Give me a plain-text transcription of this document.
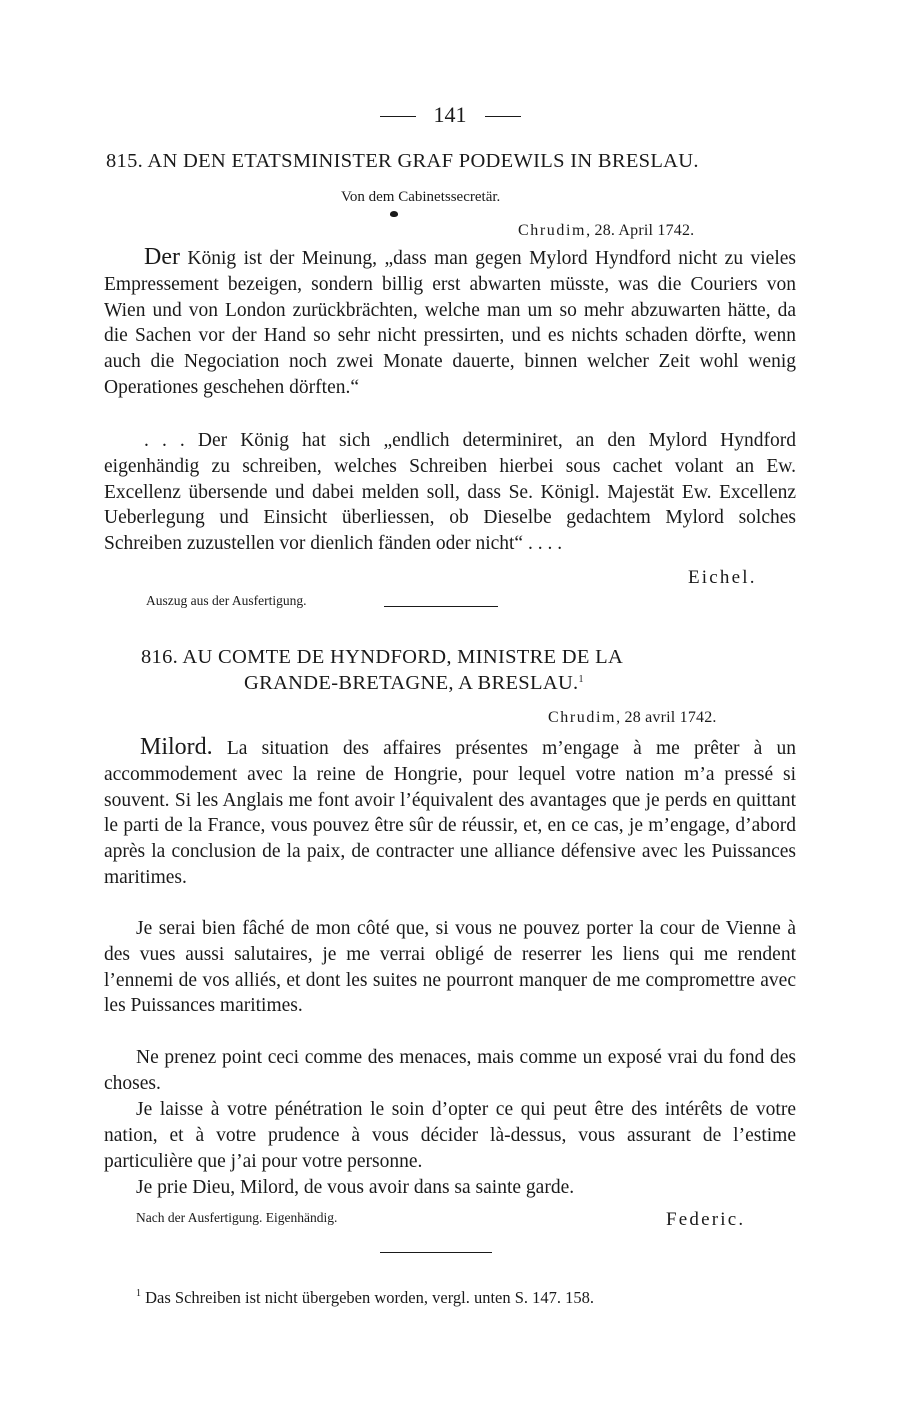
141
815. AN DEN ETATSMINISTER GRAF PODEWILS IN BRESLAU.
Von dem Cabinetssecretär.
Chrudim, 28. April 1742.

Der König ist der Meinung, „dass man gegen Mylord Hyndford nicht zu vieles Empressement bezeigen, sondern billig erst abwarten müsste, was die Couriers von Wien und von London zurückbrächten, welche man um so mehr abzuwarten hätte, da die Sachen vor der Hand so sehr nicht pressirten, und es nichts schaden dörfte, wenn auch die Negociation noch zwei Monate dauerte, binnen welcher Zeit wohl wenig Operationes geschehen dörften.“

. . . Der König hat sich „endlich determiniret, an den Mylord Hyndford eigenhändig zu schreiben, welches Schreiben hierbei sous cachet volant an Ew. Excellenz übersende und dabei melden soll, dass Se. Königl. Majestät Ew. Excellenz Ueberlegung und Einsicht überliessen, ob Dieselbe gedachtem Mylord solches Schreiben zuzustellen vor dienlich fänden oder nicht“ . . . .

Eichel.
Auszug aus der Ausfertigung.
816. AU COMTE DE HYNDFORD, MINISTRE DE LA
GRANDE-BRETAGNE, A BRESLAU.$^1$
Chrudim, 28 avril 1742.

Milord. La situation des affaires présentes m’engage à me prêter à un accommodement avec la reine de Hongrie, pour lequel votre nation m’a pressé si souvent. Si les Anglais me font avoir l’équivalent des avantages que je perds en quittant le parti de la France, vous pouvez être sûr de réussir, et, en ce cas, je m’engage, d’abord après la conclusion de la paix, de contracter une alliance défensive avec les Puissances maritimes.

Je serai bien fâché de mon côté que, si vous ne pouvez porter la cour de Vienne à des vues aussi salutaires, je me verrai obligé de reserrer les liens qui me rendent l’ennemi de vos alliés, et dont les suites ne pourront manquer de me compromettre avec les Puissances maritimes.

Ne prenez point ceci comme des menaces, mais comme un exposé vrai du fond des choses.

Je laisse à votre pénétration le soin d’opter ce qui peut être des intérêts de votre nation, et à votre prudence à vous décider là-dessus, vous assurant de l’estime particulière que j’ai pour votre personne.

Je prie Dieu, Milord, de vous avoir dans sa sainte garde.

Nach der Ausfertigung. Eigenhändig.	Federic.
$^1$ Das Schreiben ist nicht übergeben worden, vergl. unten S. 147. 158.
